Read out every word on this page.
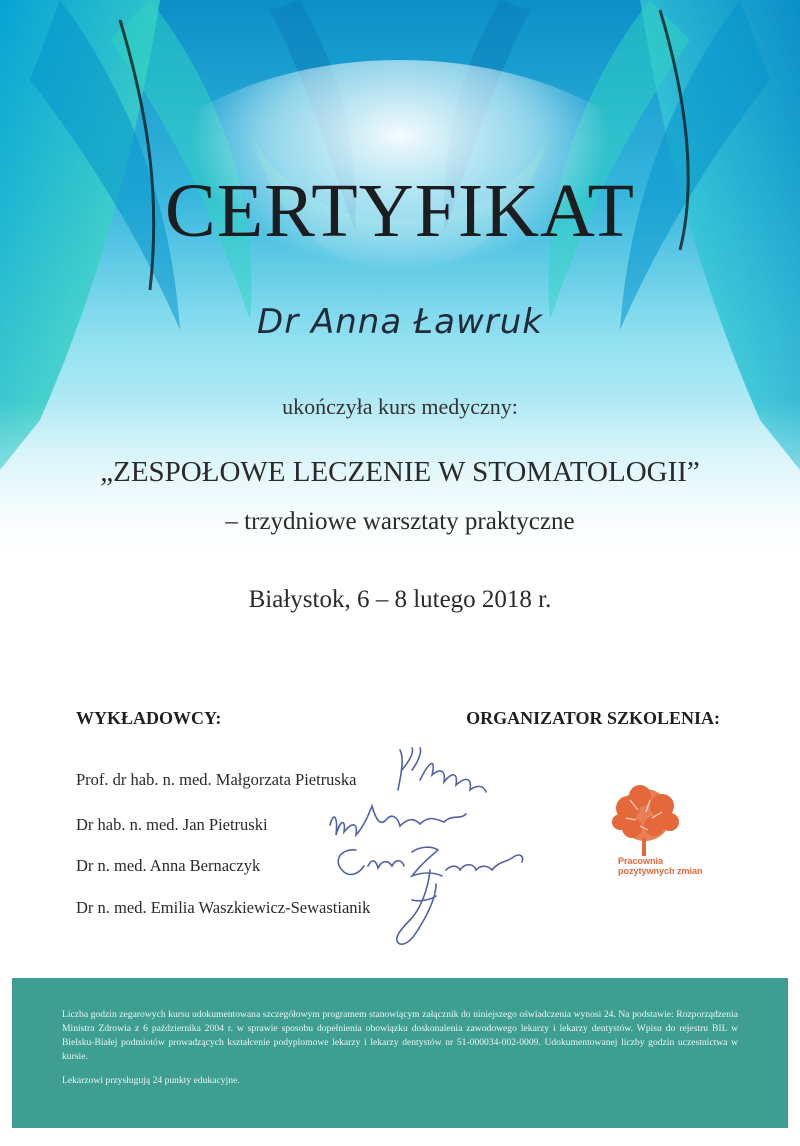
CERTYFIKAT
Dr Anna Ławruk
ukończyła kurs medyczny:
„ZESPOŁOWE LECZENIE W STOMATOLOGII”
– trzydniowe warsztaty praktyczne
Białystok, 6 – 8 lutego 2018 r.
WYKŁADOWCY:	ORGANIZATOR SZKOLENIA:
Prof. dr hab. n. med. Małgorzata Pietruska
Dr hab. n. med. Jan Pietruski
Dr n. med. Anna Bernaczyk
Dr n. med. Emilia Waszkiewicz-Sewastianik
Pracownia pozytywnych zmian
Liczba godzin zegarowych kursu udokumentowana szczegółowym programem stanowiącym załącznik do niniejszego oświadczenia wynosi 24. Na podstawie: Rozporządzenia Ministra Zdrowia z 6 października 2004 r. w sprawie sposobu dopełnienia obowiązku doskonalenia zawodowego lekarzy i lekarzy dentystów. Wpisu do rejestru BIL w Bielsku-Białej podmiotów prowadzących kształcenie podyplomowe lekarzy i lekarzy dentystów nr 51-000034-002-0009. Udokumentowanej liczby godzin uczestnictwa w kursie.
Lekarzowi przysługują 24 punkty edukacyjne.
